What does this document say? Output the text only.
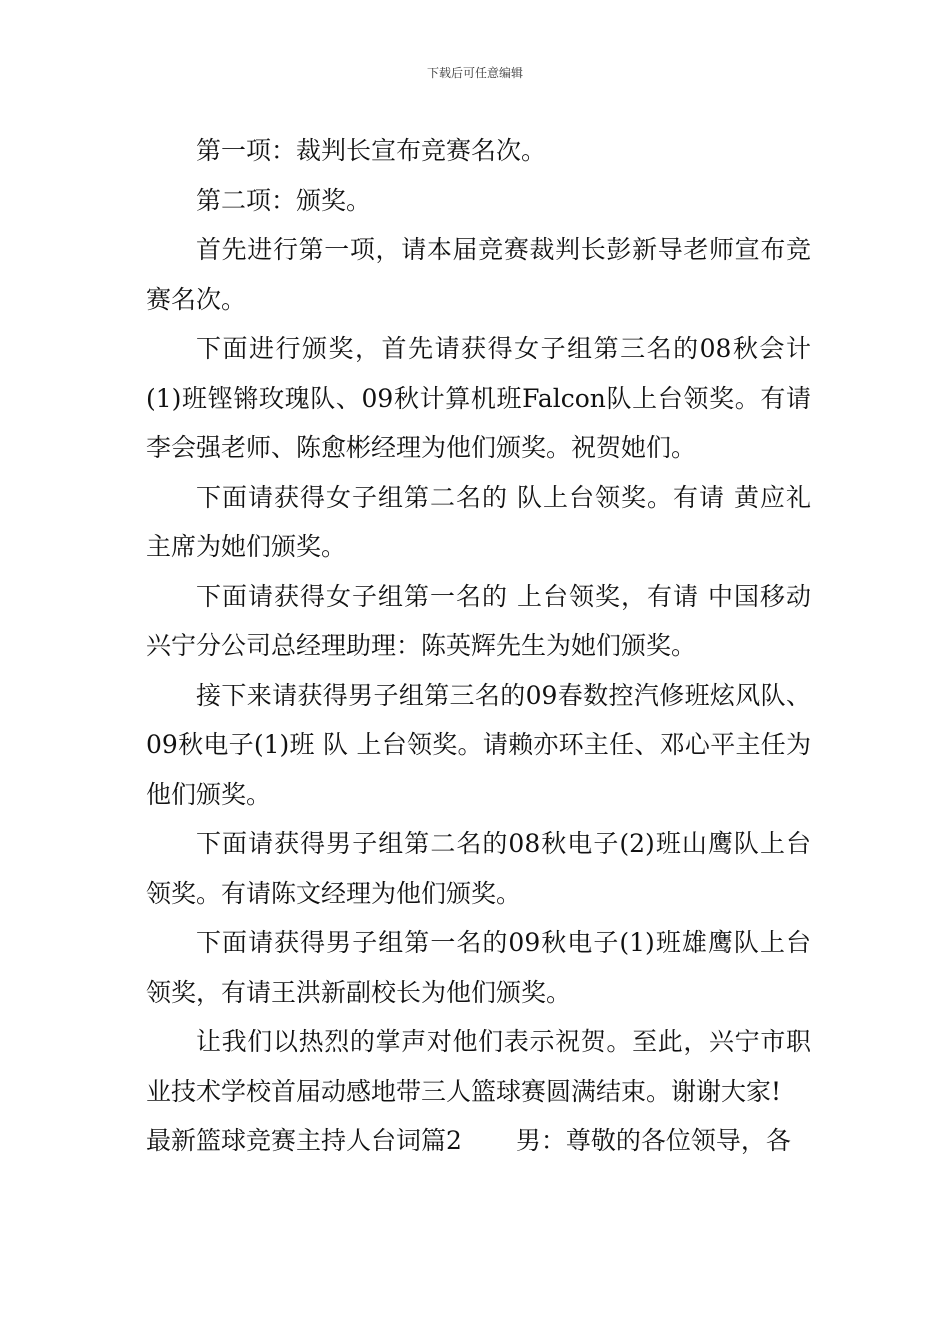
下载后可任意编辑

第一项：裁判长宣布竞赛名次。

第二项：颁奖。

首先进行第一项，请本届竞赛裁判长彭新导老师宣布竞赛名次。

下面进行颁奖，首先请获得女子组第三名的08秋会计(1)班铿锵玫瑰队、09秋计算机班Falcon队上台领奖。有请李会强老师、陈愈彬经理为他们颁奖。祝贺她们。

下面请获得女子组第二名的 队上台领奖。有请 黄应礼主席为她们颁奖。

下面请获得女子组第一名的 上台领奖，有请 中国移动兴宁分公司总经理助理：陈英辉先生为她们颁奖。

接下来请获得男子组第三名的09春数控汽修班炫风队、09秋电子(1)班 队 上台领奖。请赖亦环主任、邓心平主任为他们颁奖。

下面请获得男子组第二名的08秋电子(2)班山鹰队上台领奖。有请陈文经理为他们颁奖。

下面请获得男子组第一名的09秋电子(1)班雄鹰队上台领奖，有请王洪新副校长为他们颁奖。

让我们以热烈的掌声对他们表示祝贺。至此，兴宁市职业技术学校首届动感地带三人篮球赛圆满结束。谢谢大家!

最新篮球竞赛主持人台词篇2 男：尊敬的各位领导，各
